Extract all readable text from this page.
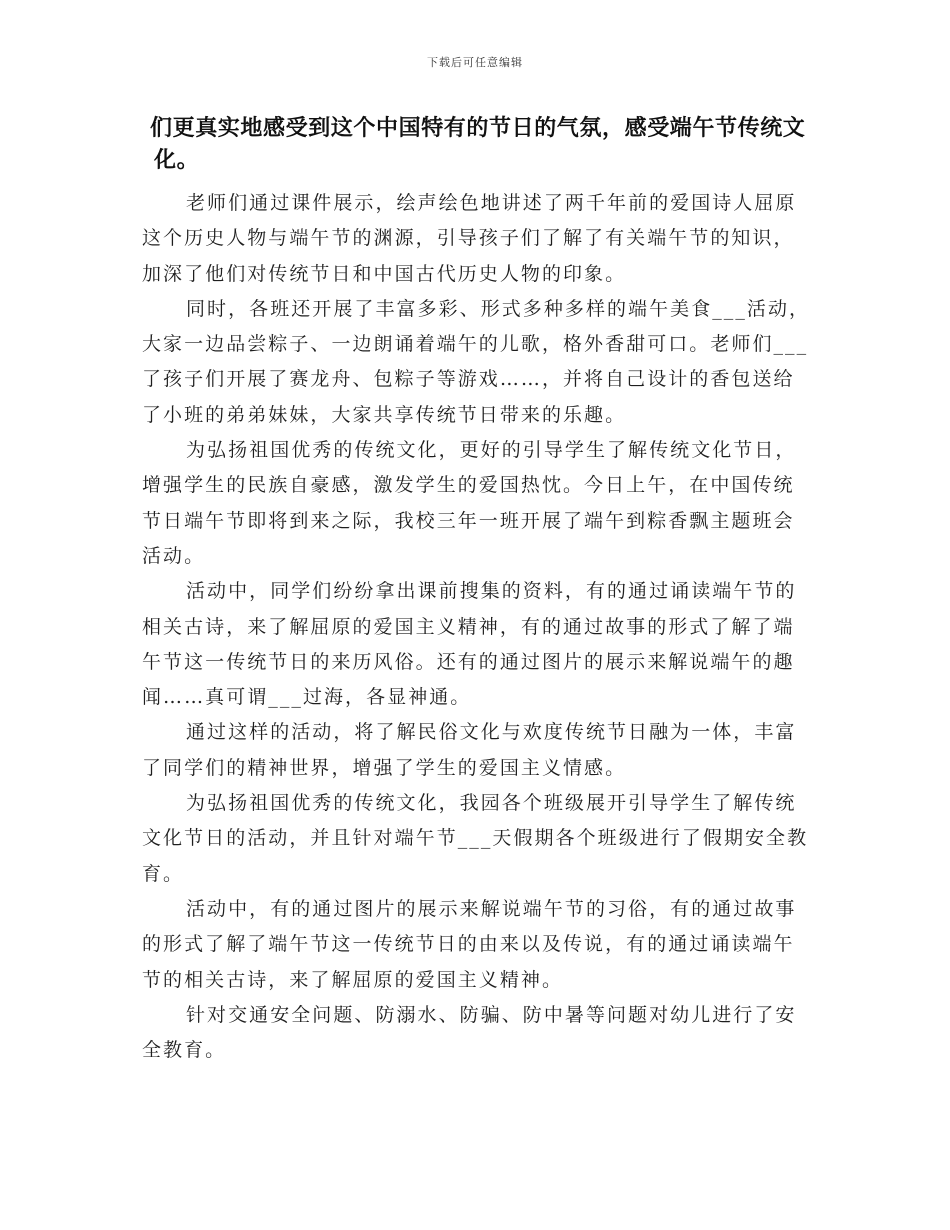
下载后可任意编辑
们更真实地感受到这个中国特有的节日的气氛，感受端午节传统文
化。

老师们通过课件展示，绘声绘色地讲述了两千年前的爱国诗人屈原这个历史人物与端午节的渊源，引导孩子们了解了有关端午节的知识，加深了他们对传统节日和中国古代历史人物的印象。

同时，各班还开展了丰富多彩、形式多种多样的端午美食___活动，大家一边品尝粽子、一边朗诵着端午的儿歌，格外香甜可口。老师们___了孩子们开展了赛龙舟、包粽子等游戏……，并将自己设计的香包送给了小班的弟弟妹妹，大家共享传统节日带来的乐趣。

为弘扬祖国优秀的传统文化，更好的引导学生了解传统文化节日，增强学生的民族自豪感，激发学生的爱国热忱。今日上午，在中国传统节日端午节即将到来之际，我校三年一班开展了端午到粽香飘主题班会活动。

活动中，同学们纷纷拿出课前搜集的资料，有的通过诵读端午节的相关古诗，来了解屈原的爱国主义精神，有的通过故事的形式了解了端午节这一传统节日的来历风俗。还有的通过图片的展示来解说端午的趣闻……真可谓___过海，各显神通。

通过这样的活动，将了解民俗文化与欢度传统节日融为一体，丰富了同学们的精神世界，增强了学生的爱国主义情感。

为弘扬祖国优秀的传统文化，我园各个班级展开引导学生了解传统文化节日的活动，并且针对端午节___天假期各个班级进行了假期安全教育。

活动中，有的通过图片的展示来解说端午节的习俗，有的通过故事的形式了解了端午节这一传统节日的由来以及传说，有的通过诵读端午节的相关古诗，来了解屈原的爱国主义精神。

针对交通安全问题、防溺水、防骗、防中暑等问题对幼儿进行了安全教育。
